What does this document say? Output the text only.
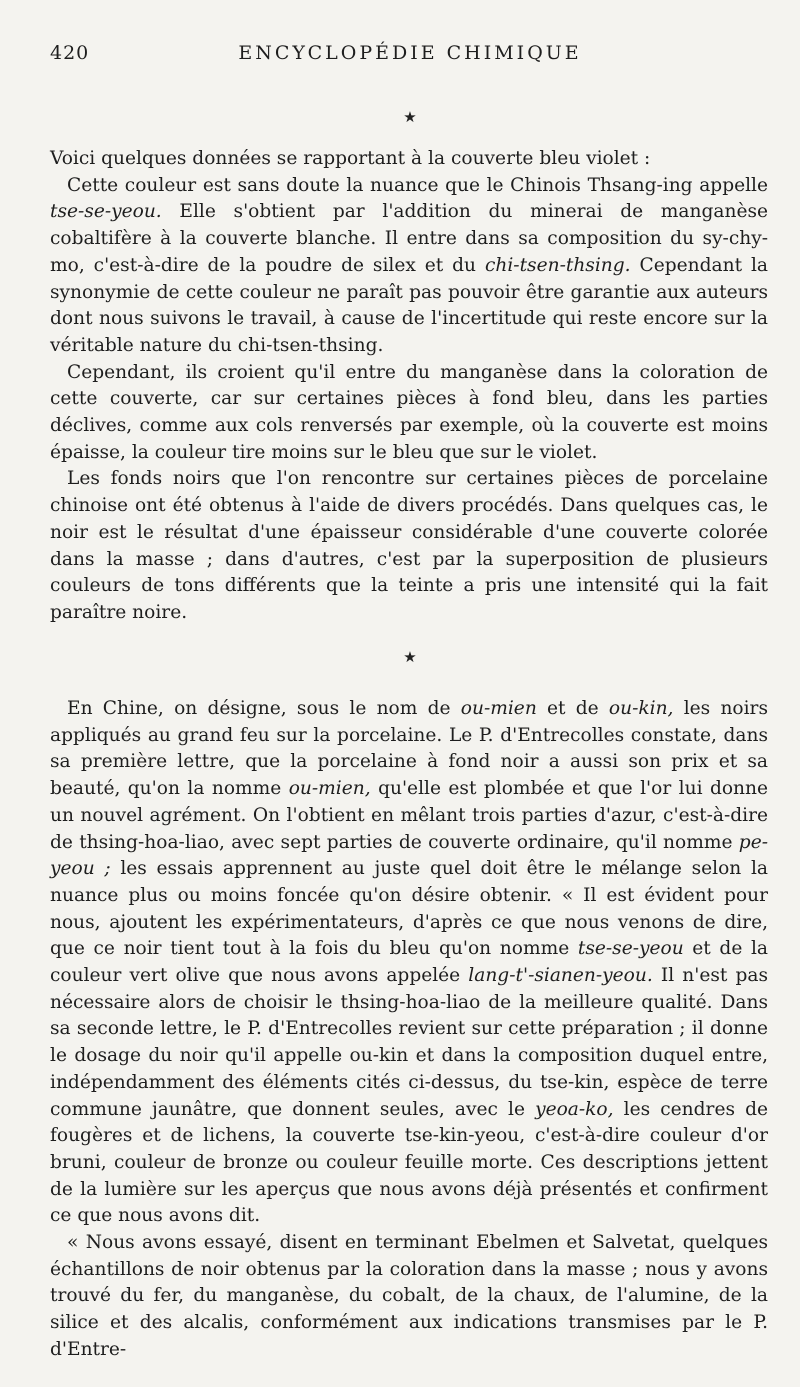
420	ENCYCLOPÉDIE CHIMIQUE
★

Voici quelques données se rapportant à la couverte bleu violet :

Cette couleur est sans doute la nuance que le Chinois Thsang-ing appelle tse-se-yeou. Elle s'obtient par l'addition du minerai de manganèse cobaltifère à la couverte blanche. Il entre dans sa composition du sy-chy-mo, c'est-à-dire de la poudre de silex et du chi-tsen-thsing. Cependant la synonymie de cette couleur ne paraît pas pouvoir être garantie aux auteurs dont nous suivons le travail, à cause de l'incertitude qui reste encore sur la véritable nature du chi-tsen-thsing.

Cependant, ils croient qu'il entre du manganèse dans la coloration de cette couverte, car sur certaines pièces à fond bleu, dans les parties déclives, comme aux cols renversés par exemple, où la couverte est moins épaisse, la couleur tire moins sur le bleu que sur le violet.

Les fonds noirs que l'on rencontre sur certaines pièces de porcelaine chinoise ont été obtenus à l'aide de divers procédés. Dans quelques cas, le noir est le résultat d'une épaisseur considérable d'une couverte colorée dans la masse ; dans d'autres, c'est par la superposition de plusieurs couleurs de tons différents que la teinte a pris une intensité qui la fait paraître noire.

★

En Chine, on désigne, sous le nom de ou-mien et de ou-kin, les noirs appliqués au grand feu sur la porcelaine. Le P. d'Entrecolles constate, dans sa première lettre, que la porcelaine à fond noir a aussi son prix et sa beauté, qu'on la nomme ou-mien, qu'elle est plombée et que l'or lui donne un nouvel agrément. On l'obtient en mêlant trois parties d'azur, c'est-à-dire de thsing-hoa-liao, avec sept parties de couverte ordinaire, qu'il nomme pe-yeou ; les essais apprennent au juste quel doit être le mélange selon la nuance plus ou moins foncée qu'on désire obtenir. « Il est évident pour nous, ajoutent les expérimentateurs, d'après ce que nous venons de dire, que ce noir tient tout à la fois du bleu qu'on nomme tse-se-yeou et de la couleur vert olive que nous avons appelée lang-t'-sianen-yeou. Il n'est pas nécessaire alors de choisir le thsing-hoa-liao de la meilleure qualité. Dans sa seconde lettre, le P. d'Entrecolles revient sur cette préparation ; il donne le dosage du noir qu'il appelle ou-kin et dans la composition duquel entre, indépendamment des éléments cités ci-dessus, du tse-kin, espèce de terre commune jaunâtre, que donnent seules, avec le yeoa-ko, les cendres de fougères et de lichens, la couverte tse-kin-yeou, c'est-à-dire couleur d'or bruni, couleur de bronze ou couleur feuille morte. Ces descriptions jettent de la lumière sur les aperçus que nous avons déjà présentés et confirment ce que nous avons dit.

« Nous avons essayé, disent en terminant Ebelmen et Salvetat, quelques échantillons de noir obtenus par la coloration dans la masse ; nous y avons trouvé du fer, du manganèse, du cobalt, de la chaux, de l'alumine, de la silice et des alcalis, conformément aux indications transmises par le P. d'Entre-
